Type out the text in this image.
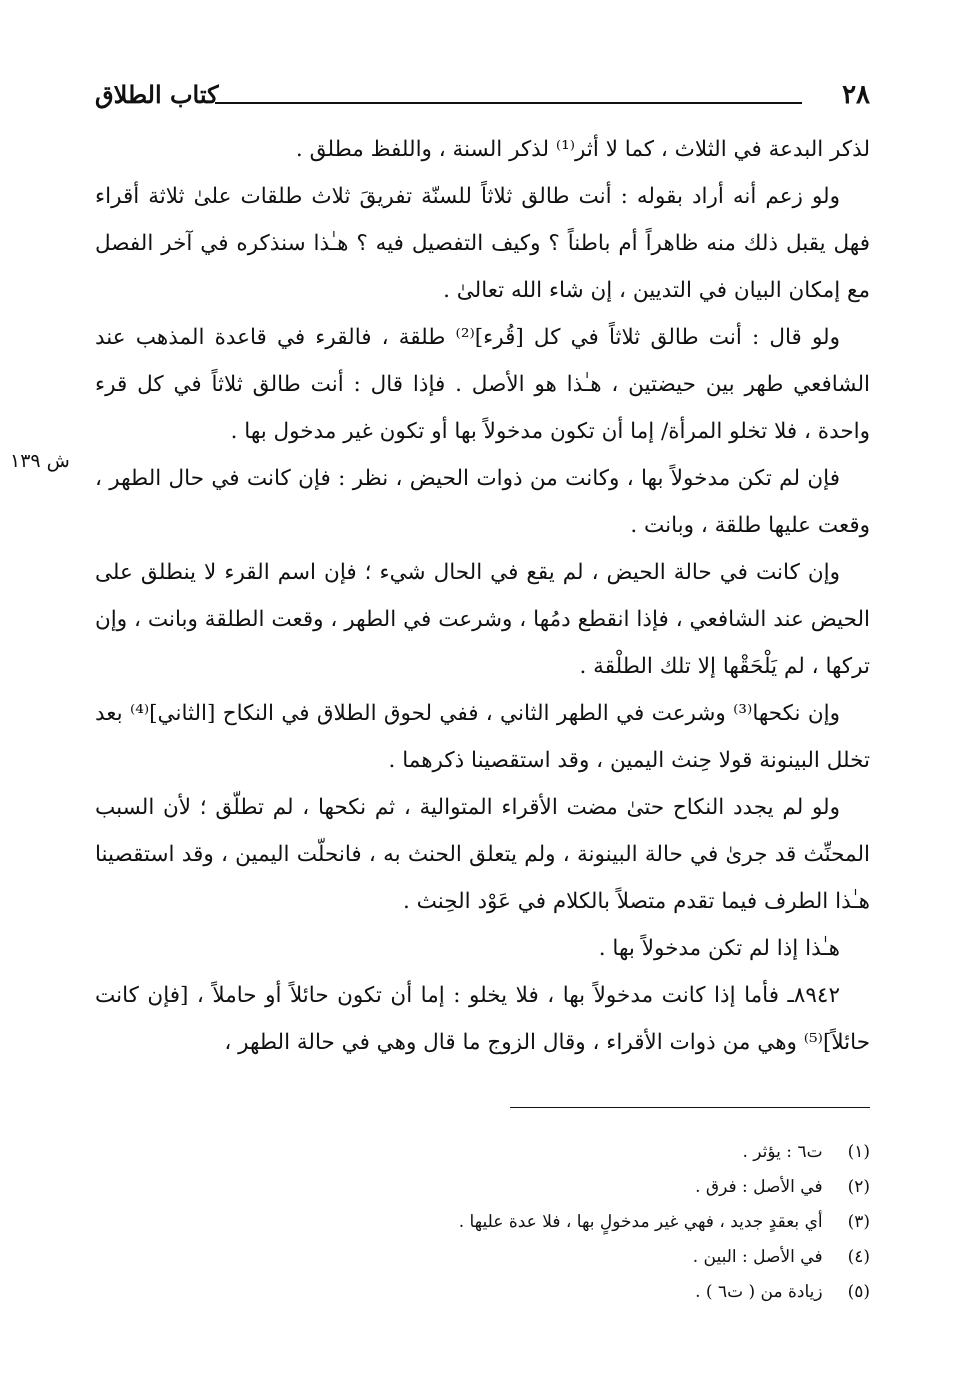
٢٨
كتاب الطلاق

لذكر البدعة في الثلاث ، كما لا أثر⁽¹⁾ لذكر السنة ، واللفظ مطلق .

ولو زعم أنه أراد بقوله : أنت طالق ثلاثاً للسنّة تفريقَ ثلاث طلقات علىٰ ثلاثة أقراء فهل يقبل ذلك منه ظاهراً أم باطناً ؟ وكيف التفصيل فيه ؟ هـٰذا سنذكره في آخر الفصل مع إمكان البيان في التديين ، إن شاء الله تعالىٰ .

ولو قال : أنت طالق ثلاثاً في كل [قُرء]⁽²⁾ طلقة ، فالقرء في قاعدة المذهب عند الشافعي طهر بين حيضتين ، هـٰذا هو الأصل . فإذا قال : أنت طالق ثلاثاً في كل قرء واحدة ، فلا تخلو المرأة/ إما أن تكون مدخولاً بها أو تكون غير مدخول بها .

فإن لم تكن مدخولاً بها ، وكانت من ذوات الحيض ، نظر : فإن كانت في حال الطهر ، وقعت عليها طلقة ، وبانت .

وإن كانت في حالة الحيض ، لم يقع في الحال شيء ؛ فإن اسم القرء لا ينطلق على الحيض عند الشافعي ، فإذا انقطع دمُها ، وشرعت في الطهر ، وقعت الطلقة وبانت ، وإن تركها ، لم يَلْحَقْها إلا تلك الطلْقة .

وإن نكحها⁽³⁾ وشرعت في الطهر الثاني ، ففي لحوق الطلاق في النكاح [الثاني]⁽⁴⁾ بعد تخلل البينونة قولا حِنث اليمين ، وقد استقصينا ذكرهما .

ولو لم يجدد النكاح حتىٰ مضت الأقراء المتوالية ، ثم نكحها ، لم تطلّق ؛ لأن السبب المحنِّث قد جرىٰ في حالة البينونة ، ولم يتعلق الحنث به ، فانحلّت اليمين ، وقد استقصينا هـٰذا الطرف فيما تقدم متصلاً بالكلام في عَوْد الحِنث .

هـٰذا إذا لم تكن مدخولاً بها .

٨٩٤٢ـ فأما إذا كانت مدخولاً بها ، فلا يخلو : إما أن تكون حائلاً أو حاملاً ، [فإن كانت حائلاً]⁽⁵⁾ وهي من ذوات الأقراء ، وقال الزوج ما قال وهي في حالة الطهر ،

ش ١٣٩

(١) ت٦ : يؤثر .

(٢) في الأصل : فرق .

(٣) أي بعقدٍ جديد ، فهي غير مدخولٍ بها ، فلا عدة عليها .

(٤) في الأصل : البين .

(٥) زيادة من ( ت٦ ) .
